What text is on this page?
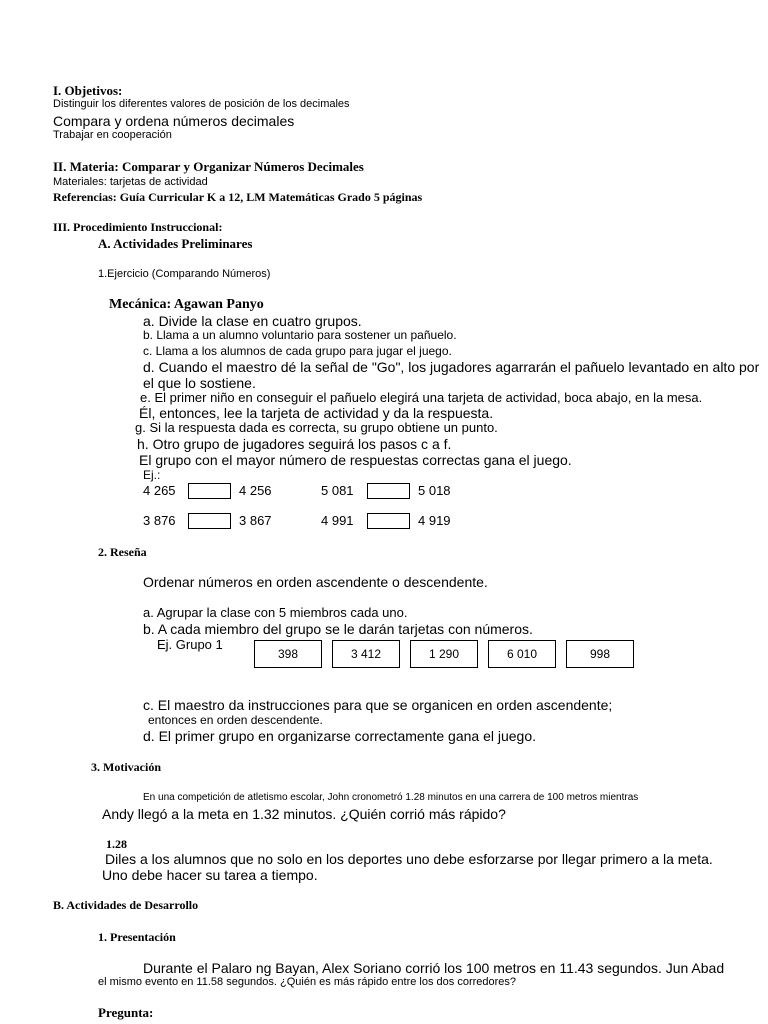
I. Objetivos:
Distinguir los diferentes valores de posición de los decimales
Compara y ordena números decimales
Trabajar en cooperación
II. Materia: Comparar y Organizar Números Decimales
Materiales: tarjetas de actividad
Referencias: Guía Curricular K a 12, LM Matemáticas Grado 5 páginas
III. Procedimiento Instruccional:
A. Actividades Preliminares
1.Ejercicio (Comparando Números)
Mecánica: Agawan Panyo
a. Divide la clase en cuatro grupos.
b. Llama a un alumno voluntario para sostener un pañuelo.
c. Llama a los alumnos de cada grupo para jugar el juego.
d. Cuando el maestro dé la señal de "Go", los jugadores agarrarán el pañuelo levantado en alto por
el que lo sostiene.
e. El primer niño en conseguir el pañuelo elegirá una tarjeta de actividad, boca abajo, en la mesa.
Él, entonces, lee la tarjeta de actividad y da la respuesta.
g. Si la respuesta dada es correcta, su grupo obtiene un punto.
h. Otro grupo de jugadores seguirá los pasos c a f.
El grupo con el mayor número de respuestas correctas gana el juego.
Ej.:
4 265	4 256	5 081	5 018
3 876	3 867	4 991	4 919
2. Reseña
Ordenar números en orden ascendente o descendente.
a. Agrupar la clase con 5 miembros cada uno.
b. A cada miembro del grupo se le darán tarjetas con números.
Ej. Grupo 1
398	3 412	1 290	6 010	998
c. El maestro da instrucciones para que se organicen en orden ascendente;
entonces en orden descendente.
d. El primer grupo en organizarse correctamente gana el juego.
3. Motivación
En una competición de atletismo escolar, John cronometró 1.28 minutos en una carrera de 100 metros mientras
Andy llegó a la meta en 1.32 minutos. ¿Quién corrió más rápido?
1.28
Diles a los alumnos que no solo en los deportes uno debe esforzarse por llegar primero a la meta.
Uno debe hacer su tarea a tiempo.
B. Actividades de Desarrollo
1. Presentación
Durante el Palaro ng Bayan, Alex Soriano corrió los 100 metros en 11.43 segundos. Jun Abad
el mismo evento en 11.58 segundos. ¿Quién es más rápido entre los dos corredores?
Pregunta:
